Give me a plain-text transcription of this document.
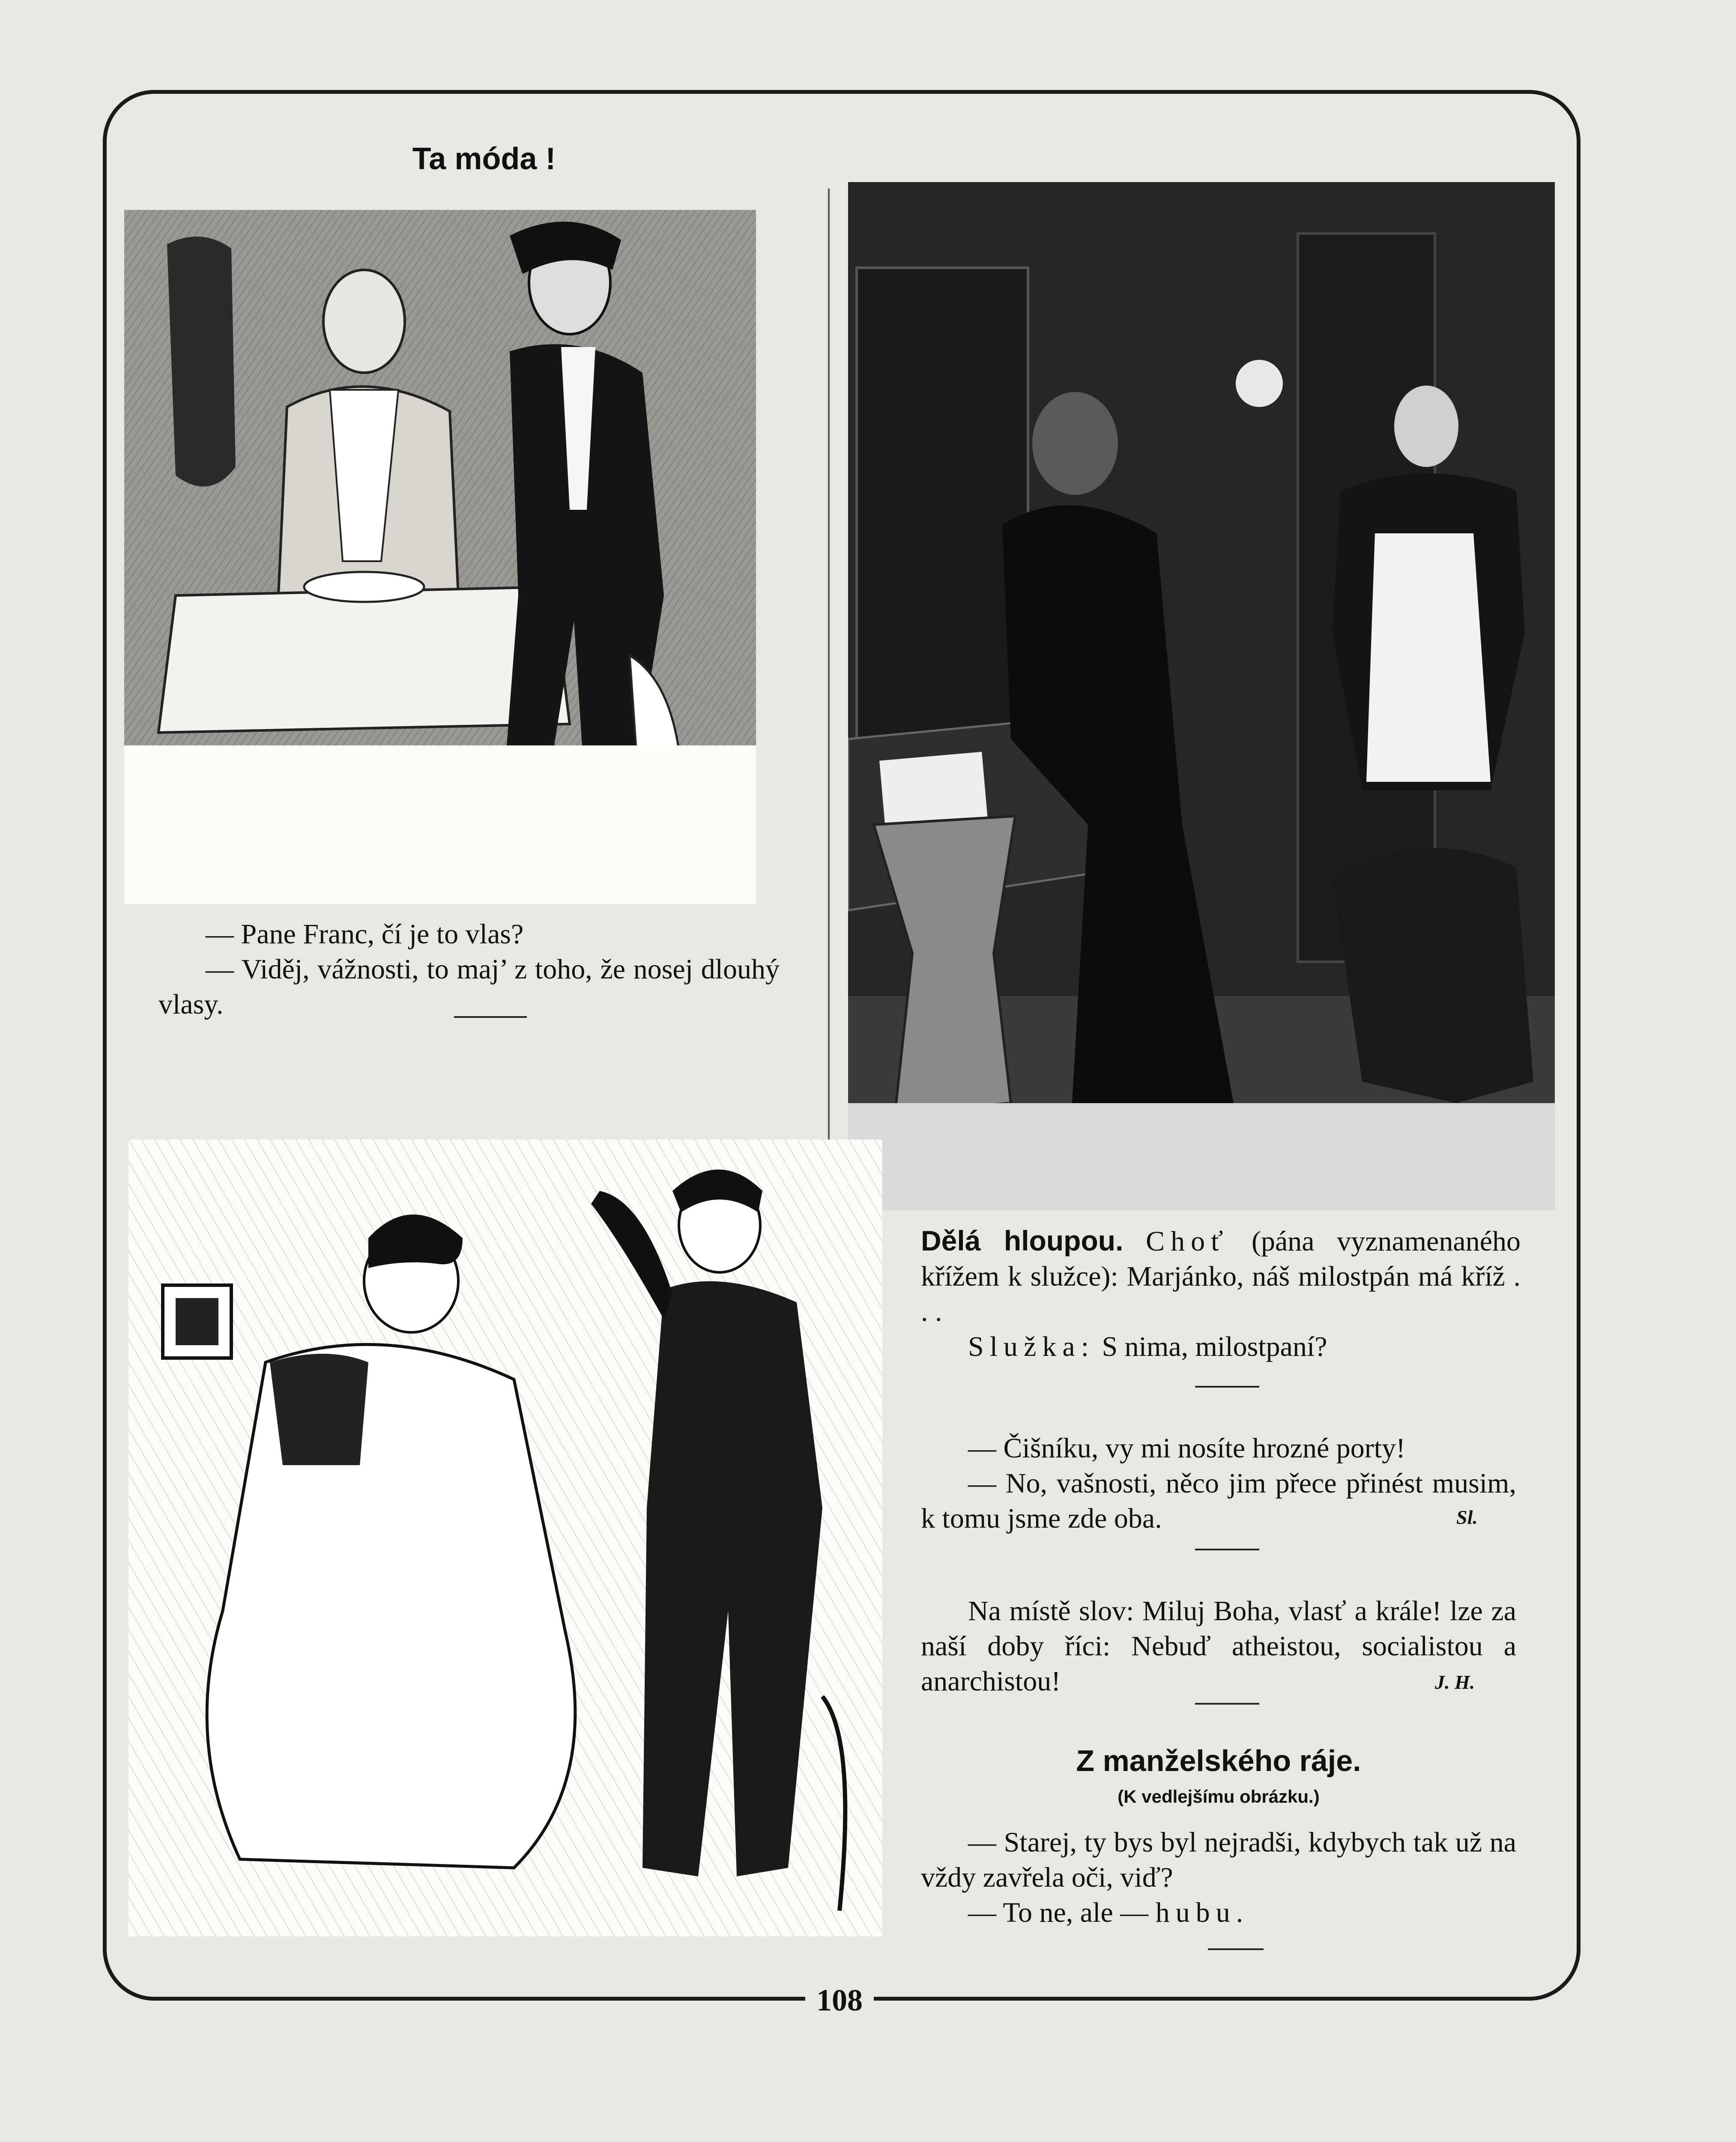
108
Ta móda !

— Pane Franc, čí je to vlas?

— Viděj, vážnosti, to maj’ z toho, že nosej dlouhý vlasy.

Dělá hloupou. Choť (pána vyznamenaného křížem k služce): Marjánko, náš milostpán má kříž . . .

Služka: S nima, milostpaní?

— Čišníku, vy mi nosíte hrozné porty!

— No, vašnosti, něco jim přece přinést musim, k tomu jsme zde oba.	Sl.

Na místě slov: Miluj Boha, vlasť a krále! lze za naší doby říci: Nebuď atheistou, socialistou a anarchistou!	J. H.
Z manželského ráje.
(K vedlejšímu obrázku.)

— Starej, ty bys byl nejradši, kdybych tak už na vždy zavřela oči, viď?

— To ne, ale — hubu.
